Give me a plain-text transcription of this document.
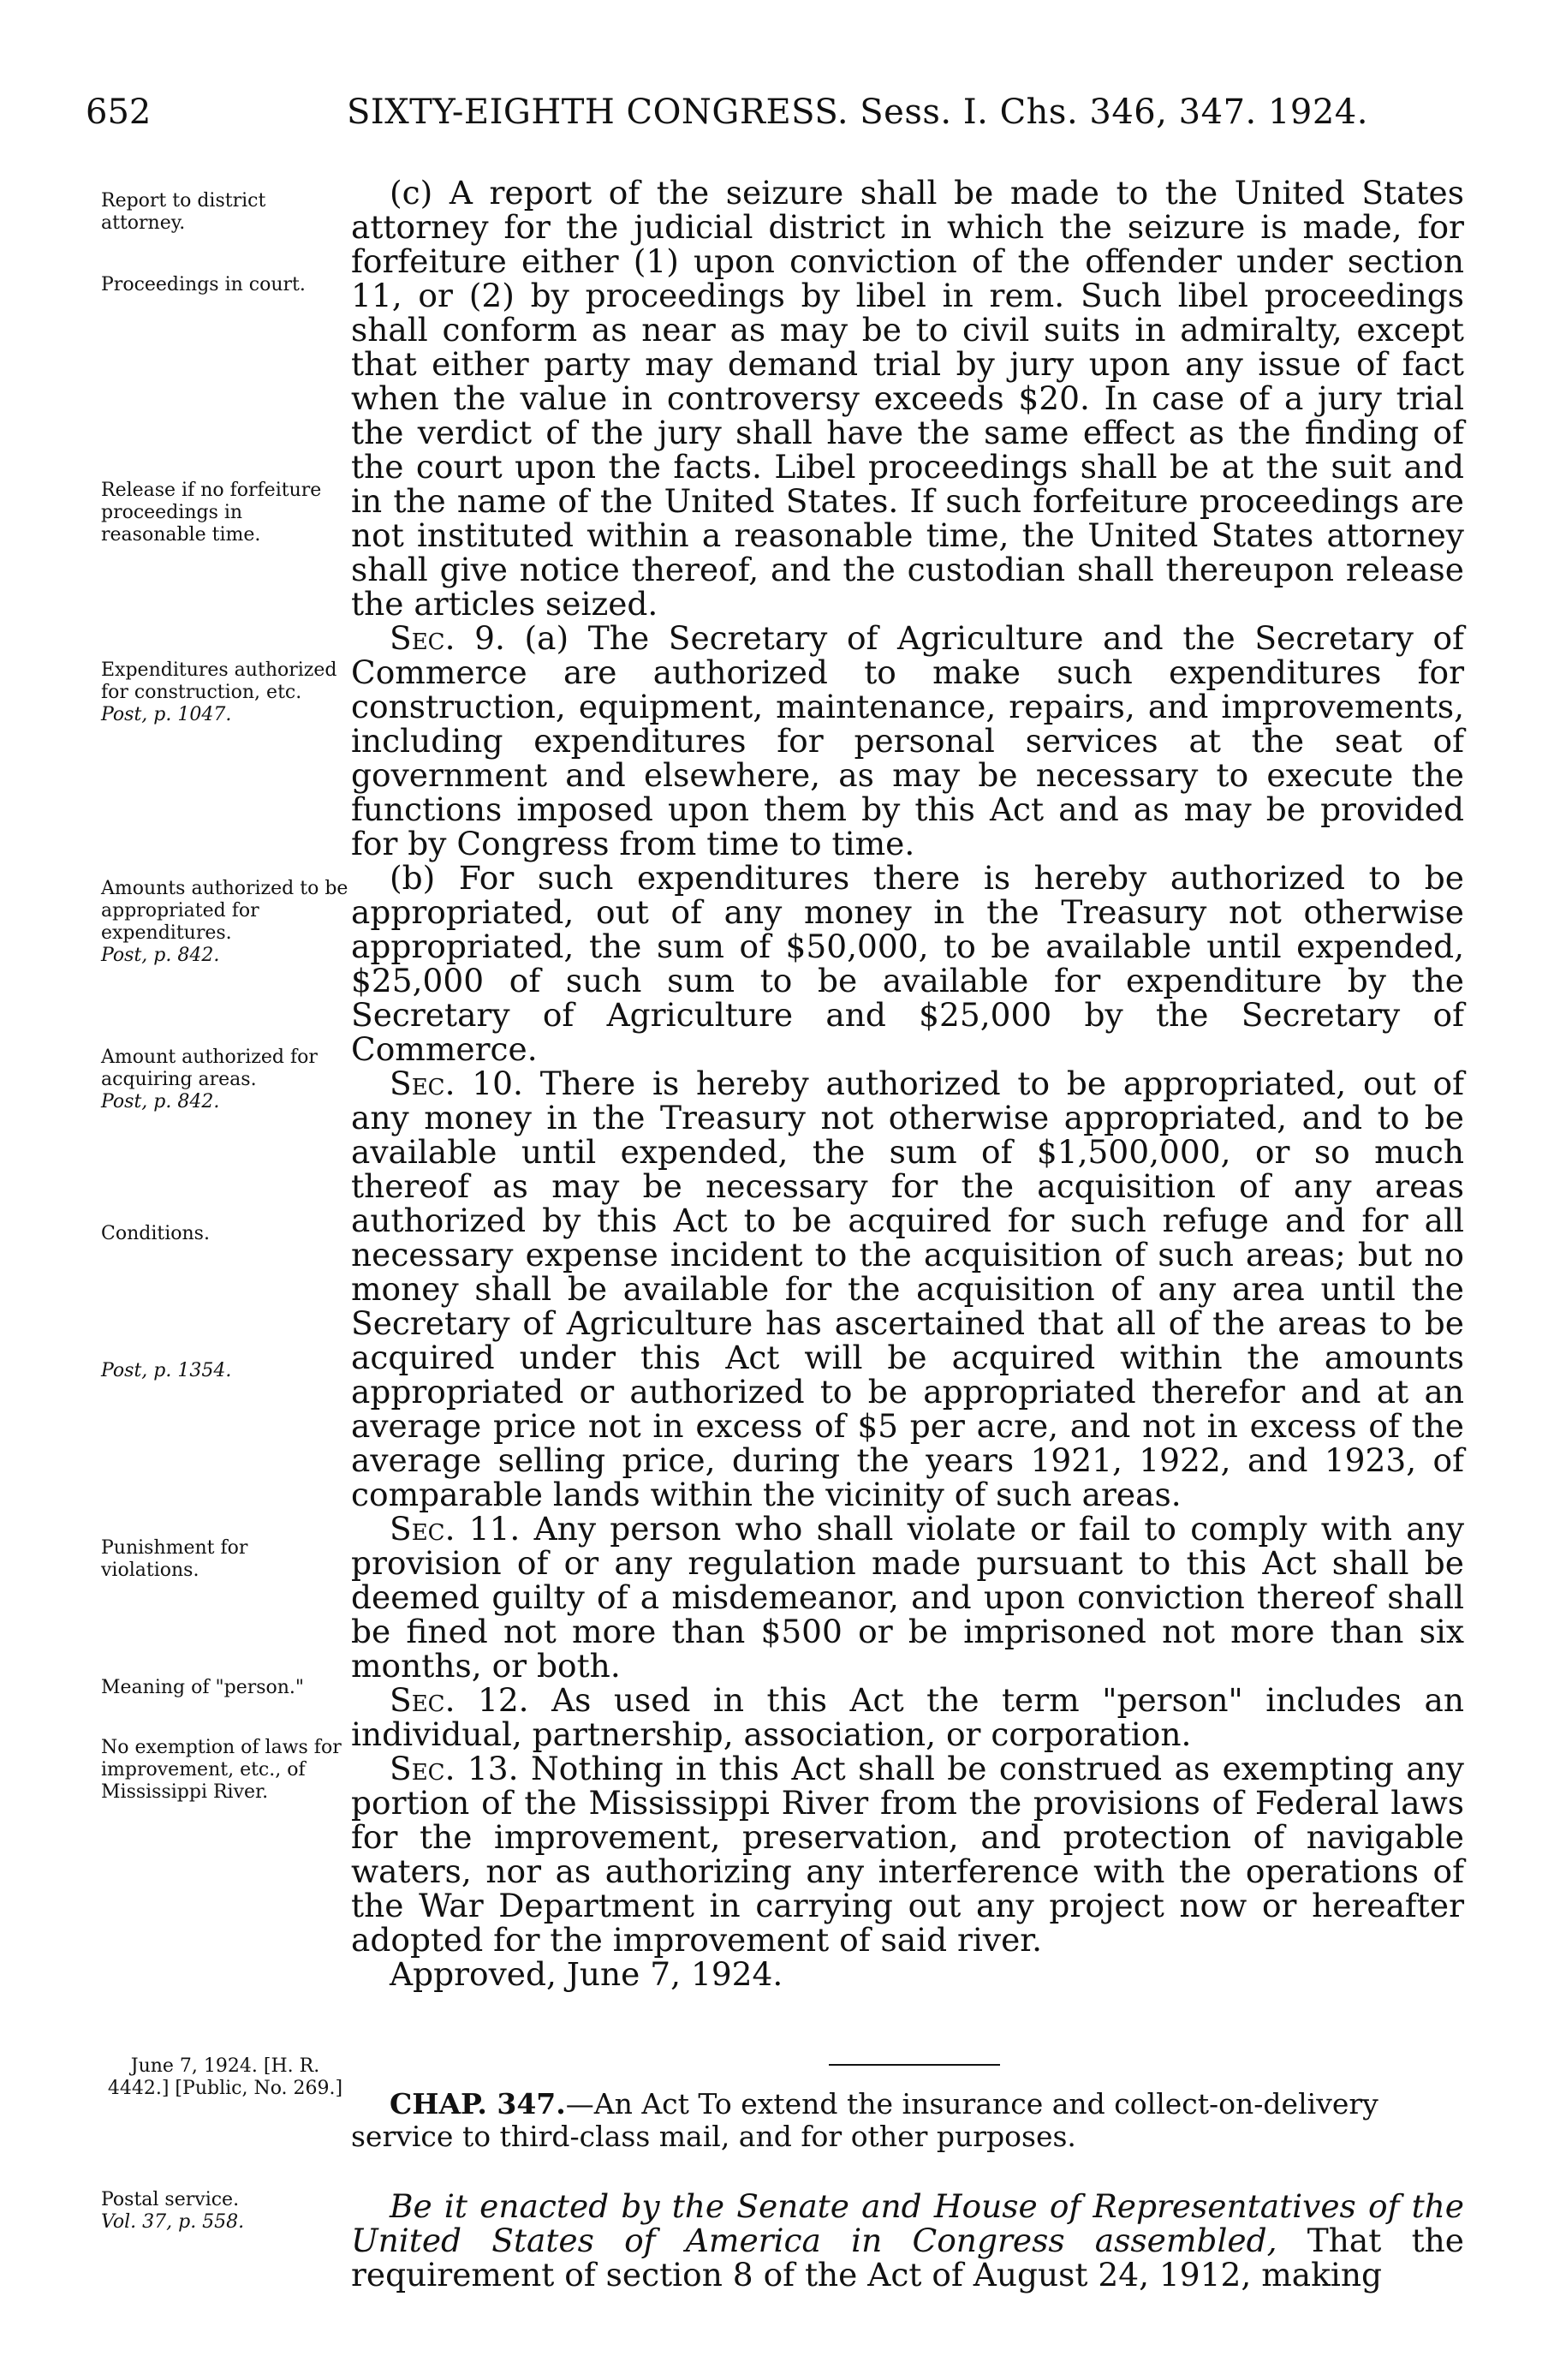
652	SIXTY-EIGHTH CONGRESS. Sess. I. Chs. 346, 347. 1924.
Report to district attorney.
Proceedings in court.
Release if no forfeiture proceedings in reasonable time.
Expenditures authorized for construction, etc.
Post, p. 1047.
Amounts authorized to be appropriated for expenditures.
Post, p. 842.
Amount authorized for acquiring areas.
Post, p. 842.
Conditions.
Post, p. 1354.
Punishment for violations.
Meaning of "person."
No exemption of laws for improvement, etc., of Mississippi River.
June 7, 1924. [H. R. 4442.] [Public, No. 269.]
Postal service.
Vol. 37, p. 558.

(c) A report of the seizure shall be made to the United States attorney for the judicial district in which the seizure is made, for forfeiture either (1) upon conviction of the offender under section 11, or (2) by proceedings by libel in rem. Such libel proceedings shall conform as near as may be to civil suits in admiralty, except that either party may demand trial by jury upon any issue of fact when the value in controversy exceeds $20. In case of a jury trial the verdict of the jury shall have the same effect as the finding of the court upon the facts. Libel proceedings shall be at the suit and in the name of the United States. If such forfeiture proceedings are not instituted within a reasonable time, the United States attorney shall give notice thereof, and the custodian shall thereupon release the articles seized.

Sec. 9. (a) The Secretary of Agriculture and the Secretary of Commerce are authorized to make such expenditures for construction, equipment, maintenance, repairs, and improvements, including expenditures for personal services at the seat of government and elsewhere, as may be necessary to execute the functions imposed upon them by this Act and as may be provided for by Congress from time to time.

(b) For such expenditures there is hereby authorized to be appropriated, out of any money in the Treasury not otherwise appropriated, the sum of $50,000, to be available until expended, $25,000 of such sum to be available for expenditure by the Secretary of Agriculture and $25,000 by the Secretary of Commerce.

Sec. 10. There is hereby authorized to be appropriated, out of any money in the Treasury not otherwise appropriated, and to be available until expended, the sum of $1,500,000, or so much thereof as may be necessary for the acquisition of any areas authorized by this Act to be acquired for such refuge and for all necessary expense incident to the acquisition of such areas; but no money shall be available for the acquisition of any area until the Secretary of Agriculture has ascertained that all of the areas to be acquired under this Act will be acquired within the amounts appropriated or authorized to be appropriated therefor and at an average price not in excess of $5 per acre, and not in excess of the average selling price, during the years 1921, 1922, and 1923, of comparable lands within the vicinity of such areas.

Sec. 11. Any person who shall violate or fail to comply with any provision of or any regulation made pursuant to this Act shall be deemed guilty of a misdemeanor, and upon conviction thereof shall be fined not more than $500 or be imprisoned not more than six months, or both.

Sec. 12. As used in this Act the term "person" includes an individual, partnership, association, or corporation.

Sec. 13. Nothing in this Act shall be construed as exempting any portion of the Mississippi River from the provisions of Federal laws for the improvement, preservation, and protection of navigable waters, nor as authorizing any interference with the operations of the War Department in carrying out any project now or hereafter adopted for the improvement of said river.

Approved, June 7, 1924.

CHAP. 347.—An Act To extend the insurance and collect-on-delivery service to third-class mail, and for other purposes.

Be it enacted by the Senate and House of Representatives of the United States of America in Congress assembled, That the requirement of section 8 of the Act of August 24, 1912, making
